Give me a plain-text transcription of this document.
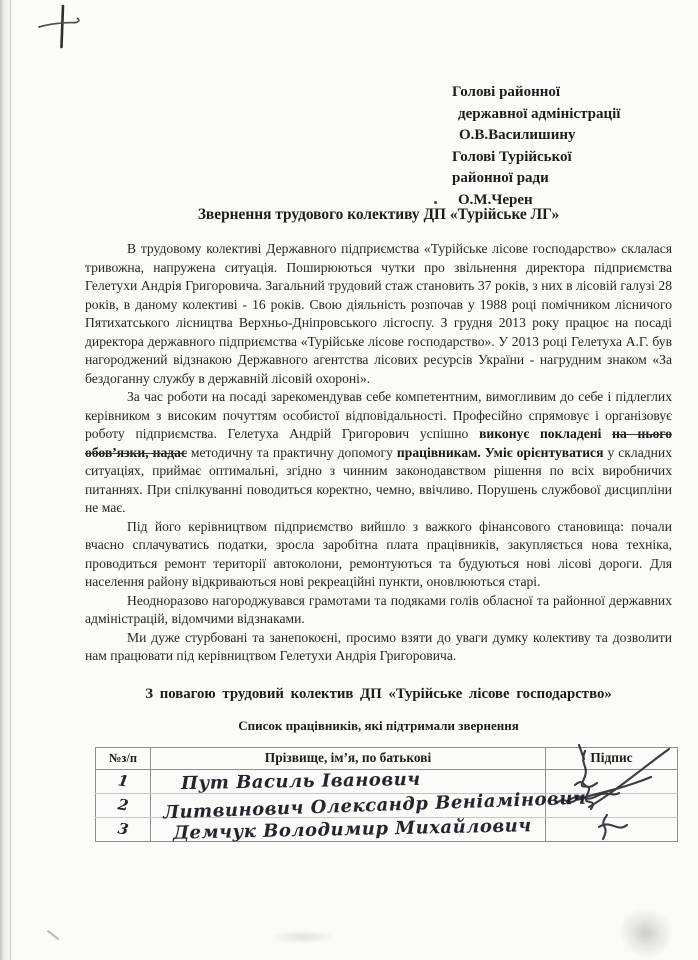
Голові районної
державної адміністрації
О.В.Василишину
Голові Турійської
районної ради
О.М.Черен
Звернення трудового колективу ДП «Турійське ЛГ»

В трудовому колективі Державного підприємства «Турійське лісове господарство» склалася тривожна, напружена ситуація. Поширюються чутки про звільнення директора підприємства Гелетухи Андрія Григоровича. Загальний трудовий стаж становить 37 років, з них в лісовій галузі 28 років, в даному колективі - 16 років. Свою діяльність розпочав у 1988 році помічником лісничого Пятихатського лісництва Верхньо-Дніпровського лісгоспу. З грудня 2013 року працює на посаді директора державного підприємства «Турійське лісове господарство». У 2013 році Гелетуха А.Г. був нагороджений відзнакою Державного агентства лісових ресурсів України - нагрудним знаком «За бездоганну службу в державній лісовій охороні».

За час роботи на посаді зарекомендував себе компетентним, вимогливим до себе і підлеглих керівником з високим почуттям особистої відповідальності. Професійно спрямовує і організовує роботу підприємства. Гелетуха Андрій Григорович успішно виконує покладені на нього обов’язки, надає методичну та практичну допомогу працівникам. Уміє орієнтуватися у складних ситуаціях, приймає оптимальні, згідно з чинним законодавством рішення по всіх виробничих питаннях. При спілкуванні поводиться коректно, чемно, ввічливо. Порушень службової дисципліни не має.

Під його керівництвом підприємство вийшло з важкого фінансового становища: почали вчасно сплачуватись податки, зросла заробітна плата працівників, закупляється нова техніка, проводиться ремонт території автоколони, ремонтуються та будуються нові лісові дороги. Для населення району відкриваються нові рекреаційні пункти, оновлюються старі.

Неодноразово нагороджувався грамотами та подяками голів обласної та районної державних адміністрацій, відомчими відзнаками.

Ми дуже стурбовані та занепокоєні, просимо взяти до уваги думку колективу та дозволити нам працювати під керівництвом Гелетухи Андрія Григоровича.

З повагою трудовий колектив ДП «Турійське лісове господарство»
Список працівників, які підтримали звернення
№з/п	Прізвище, ім’я, по батькові	Підпис
1	Пут Василь Іванович	
2	Литвинович Олександр Веніамінович	
3	Демчук Володимир Михайлович	
